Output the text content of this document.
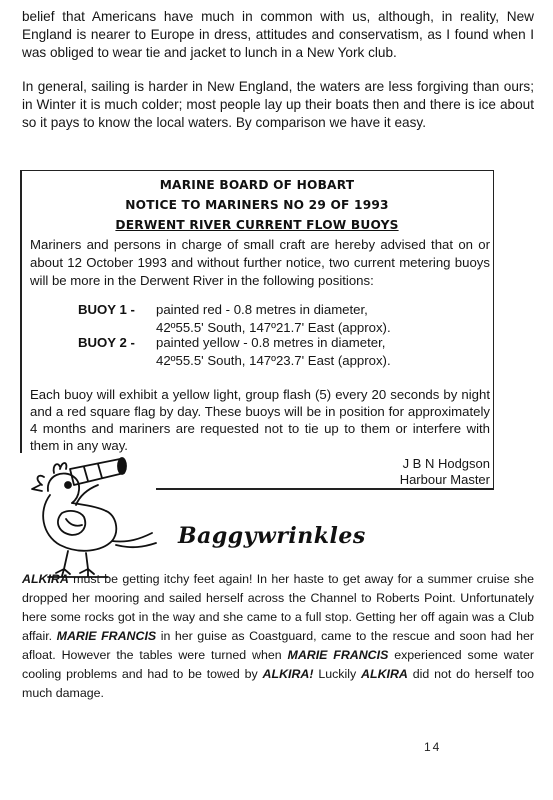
belief that Americans have much in common with us, although, in reality, New England is nearer to Europe in dress, attitudes and conservatism, as I found when I was obliged to wear tie and jacket to lunch in a New York club.
In general, sailing is harder in New England, the waters are less forgiving than ours; in Winter it is much colder; most people lay up their boats then and there is ice about so it pays to know the local waters. By comparison we have it easy.
MARINE BOARD OF HOBART
NOTICE TO MARINERS NO 29 OF 1993
DERWENT RIVER CURRENT FLOW BUOYS
Mariners and persons in charge of small craft are hereby advised that on or about 12 October 1993 and without further notice, two current metering buoys will be more in the Derwent River in the following positions:
BUOY 1 - painted red - 0.8 metres in diameter,
42º55.5' South, 147º21.7' East (approx).
BUOY 2 - painted yellow - 0.8 metres in diameter,
42º55.5' South, 147º23.7' East (approx).
Each buoy will exhibit a yellow light, group flash (5) every 20 seconds by night and a red square flag by day. These buoys will be in position for approximately 4 months and mariners are requested not to tie up to them or interfere with them in any way.
J B N Hodgson
Harbour Master
Baggywrinkles
ALKIRA must be getting itchy feet again! In her haste to get away for a summer cruise she dropped her mooring and sailed herself across the Channel to Roberts Point. Unfortunately here some rocks got in the way and she came to a full stop. Getting her off again was a Club affair. MARIE FRANCIS in her guise as Coastguard, came to the rescue and soon had her afloat. However the tables were turned when MARIE FRANCIS experienced some water cooling problems and had to be towed by ALKIRA! Luckily ALKIRA did not do herself too much damage.
14
